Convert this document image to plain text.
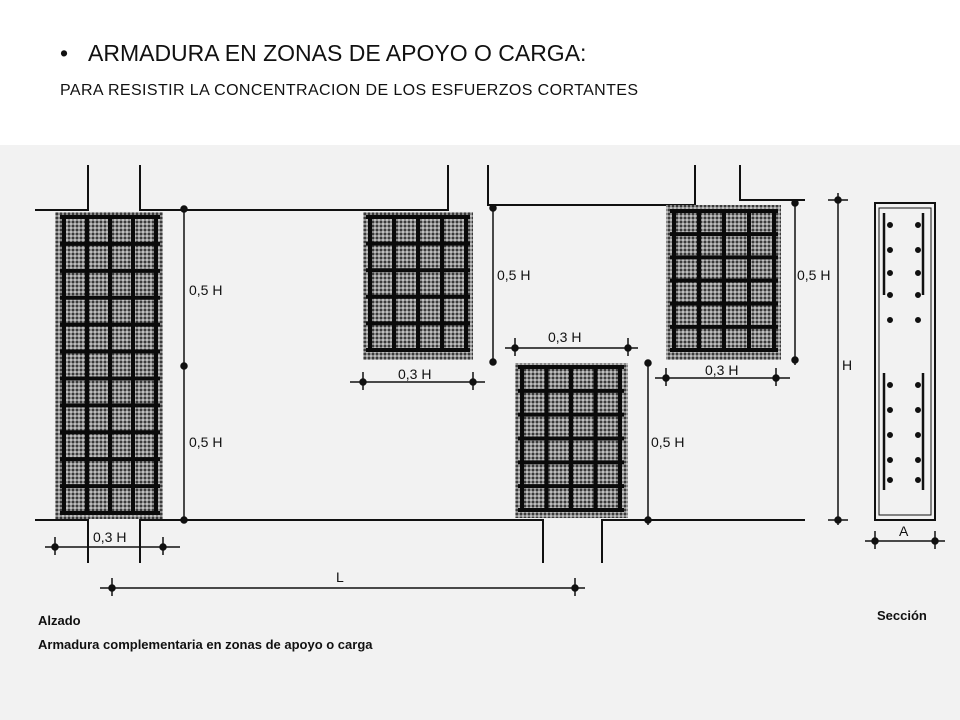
• ARMADURA EN ZONAS DE APOYO O CARGA:
PARA RESISTIR LA CONCENTRACION DE LOS ESFUERZOS CORTANTES
0,5 H
0,5 H
0,3 H
L
0,5 H
0,3 H
0,3 H
0,5 H
0,5 H
0,3 H	H
A
Alzado
Armadura complementaria en zonas de apoyo o carga
Sección
